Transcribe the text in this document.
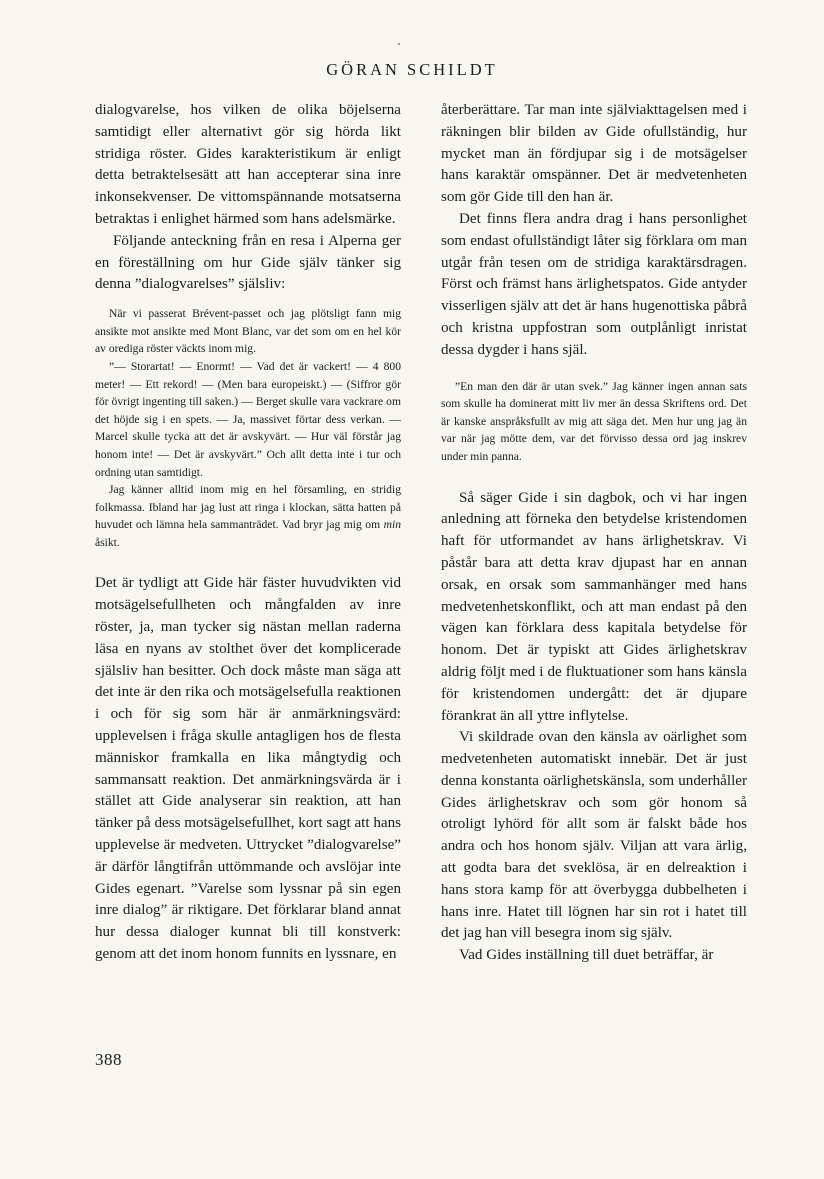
GÖRAN SCHILDT

dialogvarelse, hos vilken de olika böjelserna samtidigt eller alternativt gör sig hörda likt stridiga röster. Gides karakteristikum är enligt detta betraktelsesätt att han accepterar sina inre inkonsekvenser. De vittomspännande motsatserna betraktas i enlighet härmed som hans adelsmärke.

Följande anteckning från en resa i Alperna ger en föreställning om hur Gide själv tänker sig denna ”dialogvarelses” själsliv:

När vi passerat Brévent-passet och jag plötsligt fann mig ansikte mot ansikte med Mont Blanc, var det som om en hel kör av orediga röster väckts inom mig.

”— Storartat! — Enormt! — Vad det är vackert! — 4 800 meter! — Ett rekord! — (Men bara europeiskt.) — (Siffror gör för övrigt ingenting till saken.) — Berget skulle vara vackrare om det höjde sig i en spets. — Ja, massivet förtar dess verkan. — Marcel skulle tycka att det är avskyvärt. — Hur väl förstår jag honom inte! — Det är avskyvärt.” Och allt detta inte i tur och ordning utan samtidigt.

Jag känner alltid inom mig en hel församling, en stridig folkmassa. Ibland har jag lust att ringa i klockan, sätta hatten på huvudet och lämna hela sammanträdet. Vad bryr jag mig om min åsikt.

Det är tydligt att Gide här fäster huvudvikten vid motsägelsefullheten och mångfalden av inre röster, ja, man tycker sig nästan mellan raderna läsa en nyans av stolthet över det komplicerade själsliv han besitter. Och dock måste man säga att det inte är den rika och motsägelsefulla reaktionen i och för sig som här är anmärkningsvärd: upplevelsen i fråga skulle antagligen hos de flesta människor framkalla en lika mångtydig och sammansatt reaktion. Det anmärkningsvärda är i stället att Gide analyserar sin reaktion, att han tänker på dess motsägelsefullhet, kort sagt att hans upplevelse är medveten. Uttrycket ”dialogvarelse” är därför långtifrån uttömmande och avslöjar inte Gides egenart. ”Varelse som lyssnar på sin egen inre dialog” är riktigare. Det förklarar bland annat hur dessa dialoger kunnat bli till konstverk: genom att det inom honom funnits en lyssnare, en

återberättare. Tar man inte själviakttagelsen med i räkningen blir bilden av Gide ofullständig, hur mycket man än fördjupar sig i de motsägelser hans karaktär omspänner. Det är medvetenheten som gör Gide till den han är.

Det finns flera andra drag i hans personlighet som endast ofullständigt låter sig förklara om man utgår från tesen om de stridiga karaktärsdragen. Först och främst hans ärlighetspatos. Gide antyder visserligen själv att det är hans hugenottiska påbrå och kristna uppfostran som outplånligt inristat dessa dygder i hans själ.

”En man den där är utan svek.” Jag känner ingen annan sats som skulle ha dominerat mitt liv mer än dessa Skriftens ord. Det är kanske anspråksfullt av mig att säga det. Men hur ung jag än var när jag mötte dem, var det förvisso dessa ord jag inskrev under min panna.

Så säger Gide i sin dagbok, och vi har ingen anledning att förneka den betydelse kristendomen haft för utformandet av hans ärlighetskrav. Vi påstår bara att detta krav djupast har en annan orsak, en orsak som sammanhänger med hans medvetenhetskonflikt, och att man endast på den vägen kan förklara dess kapitala betydelse för honom. Det är typiskt att Gides ärlighetskrav aldrig följt med i de fluktuationer som hans känsla för kristendomen undergått: det är djupare förankrat än all yttre inflytelse.

Vi skildrade ovan den känsla av oärlighet som medvetenheten automatiskt innebär. Det är just denna konstanta oärlighetskänsla, som underhåller Gides ärlighetskrav och som gör honom så otroligt lyhörd för allt som är falskt både hos andra och hos honom själv. Viljan att vara ärlig, att godta bara det sveklösa, är en delreaktion i hans stora kamp för att överbygga dubbelheten i hans inre. Hatet till lögnen har sin rot i hatet till det jag han vill besegra inom sig själv.

Vad Gides inställning till duet beträffar, är

388
